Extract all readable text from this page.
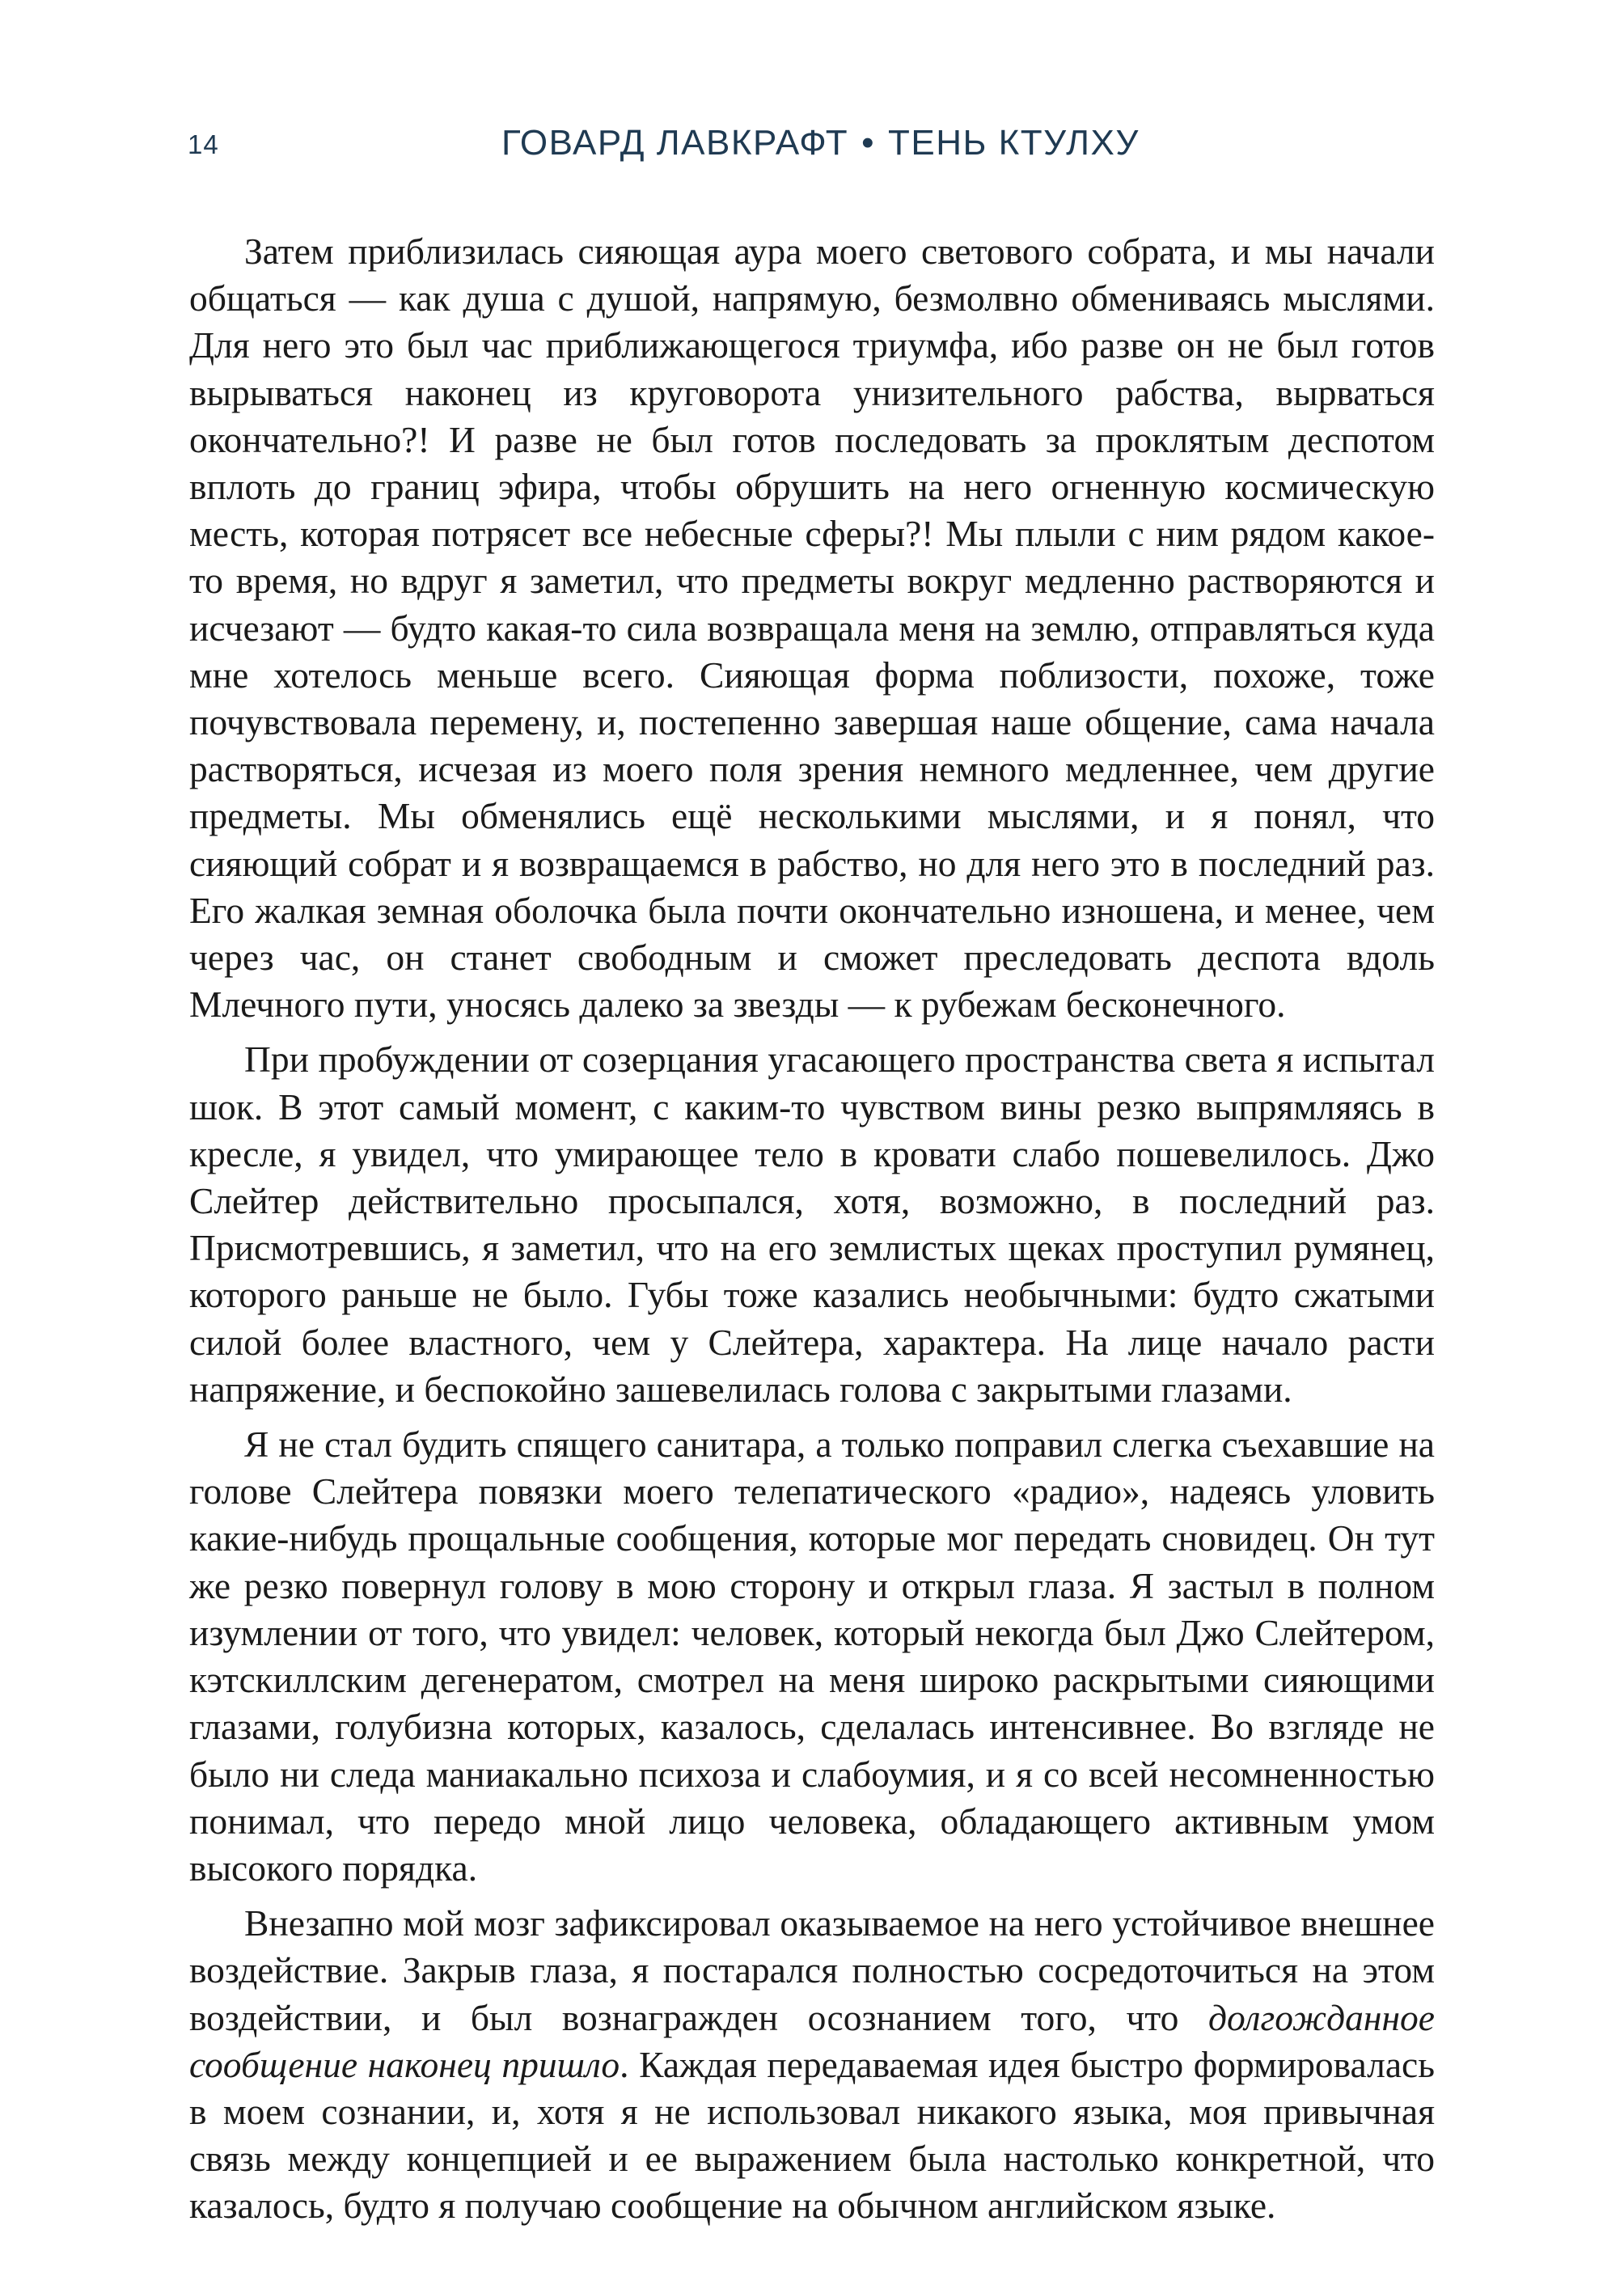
14	ГОВАРД ЛАВКРАФТ • ТЕНЬ КТУЛХУ

Затем приблизилась сияющая аура моего светового собрата, и мы начали общаться — как душа с душой, напрямую, безмолвно обмениваясь мыслями. Для него это был час приближающегося триумфа, ибо разве он не был готов вырываться наконец из круговорота унизительного рабства, вырваться окончательно?! И разве не был готов последовать за проклятым деспотом вплоть до границ эфира, чтобы обрушить на него огненную космическую месть, которая потрясет все небесные сферы?! Мы плыли с ним рядом какое-то время, но вдруг я заметил, что предметы вокруг медленно растворяются и исчезают — будто какая-то сила возвращала меня на землю, отправляться куда мне хотелось меньше всего. Сияющая форма поблизости, похоже, тоже почувствовала перемену, и, постепенно завершая наше общение, сама начала растворяться, исчезая из моего поля зрения немного медленнее, чем другие предметы. Мы обменялись ещё несколькими мыслями, и я понял, что сияющий собрат и я возвращаемся в рабство, но для него это в последний раз. Его жалкая земная оболочка была почти окончательно изношена, и менее, чем через час, он станет свободным и сможет преследовать деспота вдоль Млечного пути, уносясь далеко за звезды — к рубежам бесконечного.

При пробуждении от созерцания угасающего пространства света я испытал шок. В этот самый момент, с каким-то чувством вины резко выпрямляясь в кресле, я увидел, что умирающее тело в кровати слабо пошевелилось. Джо Слейтер действительно просыпался, хотя, возможно, в последний раз. Присмотревшись, я заметил, что на его землистых щеках проступил румянец, которого раньше не было. Губы тоже казались необычными: будто сжатыми силой более властного, чем у Слейтера, характера. На лице начало расти напряжение, и беспокойно зашевелилась голова с закрытыми глазами.

Я не стал будить спящего санитара, а только поправил слегка съехавшие на голове Слейтера повязки моего телепатического «радио», надеясь уловить какие-нибудь прощальные сообщения, которые мог передать сновидец. Он тут же резко повернул голову в мою сторону и открыл глаза. Я застыл в полном изумлении от того, что увидел: человек, который некогда был Джо Слейтером, кэтскиллским дегенератом, смотрел на меня широко раскрытыми сияющими глазами, голубизна которых, казалось, сделалась интенсивнее. Во взгляде не было ни следа маниакально психоза и слабоумия, и я со всей несомненностью понимал, что передо мной лицо человека, обладающего активным умом высокого порядка.

Внезапно мой мозг зафиксировал оказываемое на него устойчивое внешнее воздействие. Закрыв глаза, я постарался полностью сосредоточиться на этом воздействии, и был вознагражден осознанием того, что долгожданное сообщение наконец пришло. Каждая передаваемая идея быстро формировалась в моем сознании, и, хотя я не использовал никакого языка, моя привычная связь между концепцией и ее выражением была настолько конкретной, что казалось, будто я получаю сообщение на обычном английском языке.
